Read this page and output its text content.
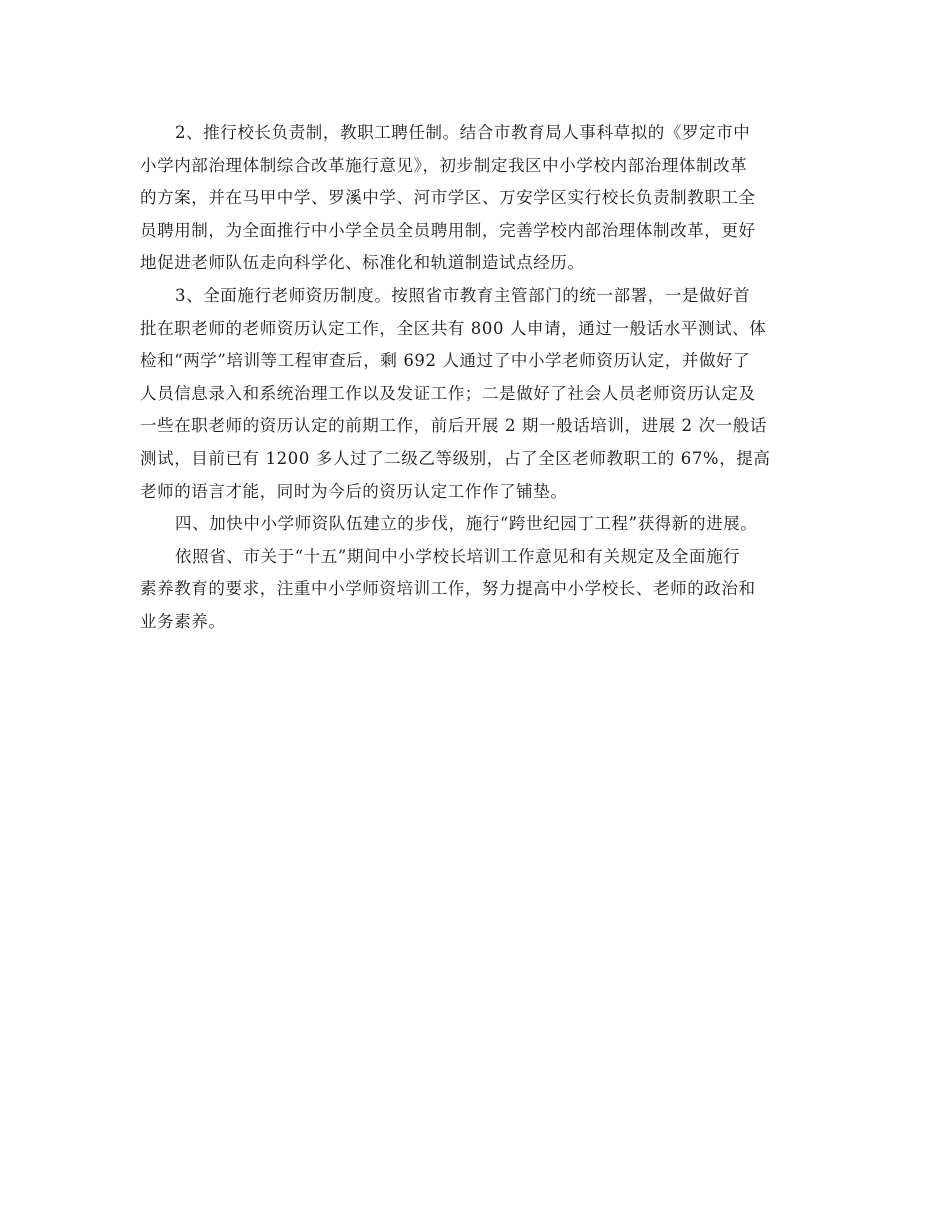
2、推行校长负责制，教职工聘任制。结合市教育局人事科草拟的《罗定市中
小学内部治理体制综合改革施行意见》，初步制定我区中小学校内部治理体制改革
的方案，并在马甲中学、罗溪中学、河市学区、万安学区实行校长负责制教职工全
员聘用制，为全面推行中小学全员全员聘用制，完善学校内部治理体制改革，更好
地促进老师队伍走向科学化、标准化和轨道制造试点经历。

3、全面施行老师资历制度。按照省市教育主管部门的统一部署，一是做好首
批在职老师的老师资历认定工作，全区共有 800 人申请，通过一般话水平测试、体
检和“两学”培训等工程审查后，剩 692 人通过了中小学老师资历认定，并做好了
人员信息录入和系统治理工作以及发证工作；二是做好了社会人员老师资历认定及
一些在职老师的资历认定的前期工作，前后开展 2 期一般话培训，进展 2 次一般话
测试，目前已有 1200 多人过了二级乙等级别，占了全区老师教职工的 67%，提高
老师的语言才能，同时为今后的资历认定工作作了铺垫。

四、加快中小学师资队伍建立的步伐，施行“跨世纪园丁工程”获得新的进展。

依照省、市关于“十五”期间中小学校长培训工作意见和有关规定及全面施行
素养教育的要求，注重中小学师资培训工作，努力提高中小学校长、老师的政治和
业务素养。
